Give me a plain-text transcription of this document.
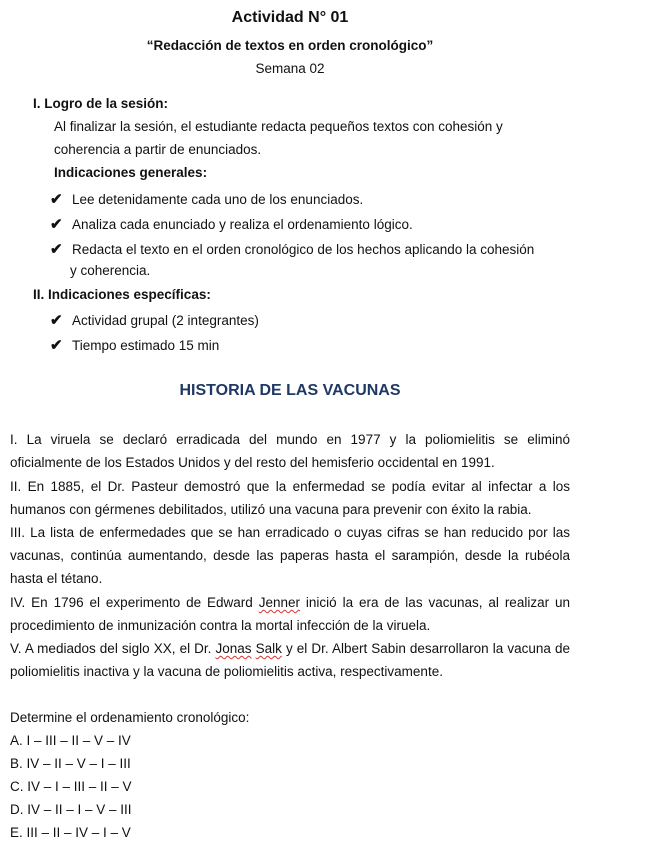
Actividad N° 01
“Redacción de textos en orden cronológico”
Semana 02
I. Logro de la sesión:
Al finalizar la sesión, el estudiante redacta pequeños textos con cohesión y
coherencia a partir de enunciados.
Indicaciones generales:
✔ Lee detenidamente cada uno de los enunciados.
✔ Analiza cada enunciado y realiza el ordenamiento lógico.
✔ Redacta el texto en el orden cronológico de los hechos aplicando la cohesión
y coherencia.
II. Indicaciones específicas:
✔ Actividad grupal (2 integrantes)
✔ Tiempo estimado 15 min
HISTORIA DE LAS VACUNAS
I. La viruela se declaró erradicada del mundo en 1977 y la poliomielitis se eliminó oficialmente de los Estados Unidos y del resto del hemisferio occidental en 1991.
II. En 1885, el Dr. Pasteur demostró que la enfermedad se podía evitar al infectar a los humanos con gérmenes debilitados, utilizó una vacuna para prevenir con éxito la rabia.
III. La lista de enfermedades que se han erradicado o cuyas cifras se han reducido por las vacunas, continúa aumentando, desde las paperas hasta el sarampión, desde la rubéola hasta el tétano.
IV. En 1796 el experimento de Edward Jenner inició la era de las vacunas, al realizar un procedimiento de inmunización contra la mortal infección de la viruela.
V. A mediados del siglo XX, el Dr. Jonas Salk y el Dr. Albert Sabin desarrollaron la vacuna de poliomielitis inactiva y la vacuna de poliomielitis activa, respectivamente.
Determine el ordenamiento cronológico:
A. I – III – II – V – IV
B. IV – II – V – I – III
C. IV – I – III – II – V
D. IV – II – I – V – III
E. III – II – IV – I – V
